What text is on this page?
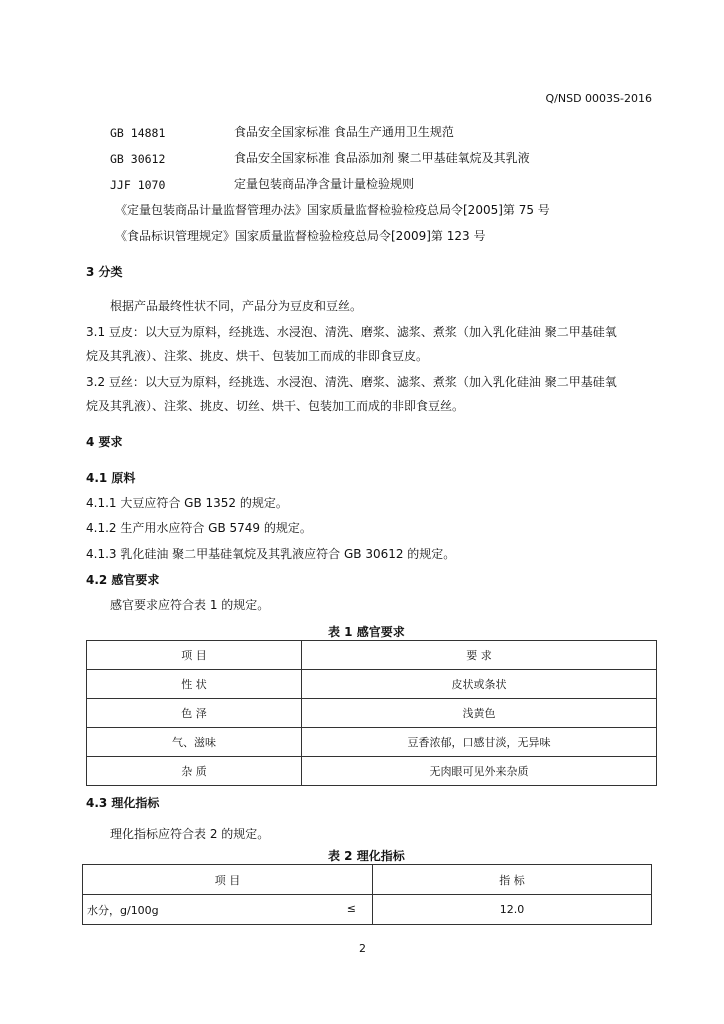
Q/NSD 0003S-2016
GB 14881	食品安全国家标准 食品生产通用卫生规范
GB 30612	食品安全国家标准 食品添加剂 聚二甲基硅氧烷及其乳液
JJF 1070	定量包装商品净含量计量检验规则
《定量包装商品计量监督管理办法》国家质量监督检验检疫总局令[2005]第 75 号
《食品标识管理规定》国家质量监督检验检疫总局令[2009]第 123 号
3 分类
根据产品最终性状不同，产品分为豆皮和豆丝。
3.1 豆皮：以大豆为原料，经挑选、水浸泡、清洗、磨浆、滤浆、煮浆（加入乳化硅油 聚二甲基硅氧
烷及其乳液）、注浆、挑皮、烘干、包装加工而成的非即食豆皮。
3.2 豆丝：以大豆为原料，经挑选、水浸泡、清洗、磨浆、滤浆、煮浆（加入乳化硅油 聚二甲基硅氧
烷及其乳液）、注浆、挑皮、切丝、烘干、包装加工而成的非即食豆丝。
4 要求
4.1 原料
4.1.1 大豆应符合 GB 1352 的规定。
4.1.2 生产用水应符合 GB 5749 的规定。
4.1.3 乳化硅油 聚二甲基硅氧烷及其乳液应符合 GB 30612 的规定。
4.2 感官要求
感官要求应符合表 1 的规定。
表 1 感官要求
项 目	要 求
性 状	皮状或条状
色 泽	浅黄色
气、滋味	豆香浓郁，口感甘淡，无异味
杂 质	无肉眼可见外来杂质
4.3 理化指标
理化指标应符合表 2 的规定。
表 2 理化指标
项 目	指 标
水分，g/100g ≤	12.0
2
